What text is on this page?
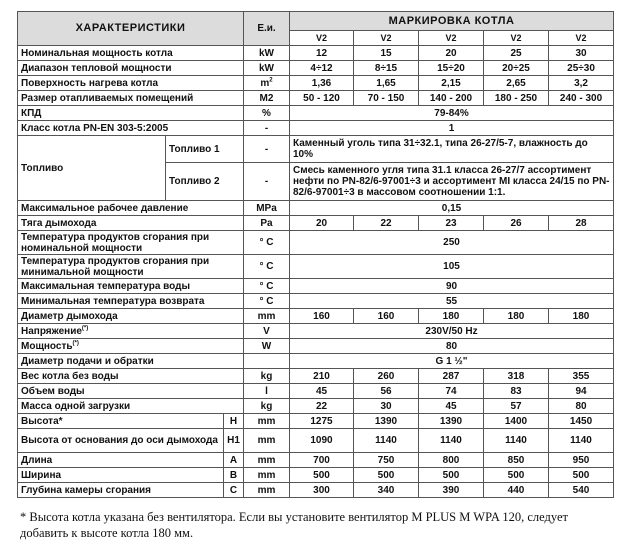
ХАРАКТЕРИСТИКИ			Е.и.	МАРКИРОВКА КОТЛА				
				V2	V2	V2	V2	V2
Номинальная мощность котла			kW	12	15	20	25	30
Диапазон тепловой мощности			kW	4÷12	8÷15	15÷20	20÷25	25÷30
Поверхность нагрева котла			$m^2$	1,36	1,65	2,15	2,65	3,2
Размер отапливаемых помещений			M2	50 - 120	70 - 150	140 - 200	180 - 250	240 - 300
КПД			%	79-84%				
Класс котла PN-EN 303-5:2005			-	1				
Топливо	Топливо 1		-	Каменный уголь типа 31÷32.1, типа 26-27/5-7, влажность до 10%				
	Топливо 2		-	Смесь каменного угля типа 31.1 класса 26-27/7 ассортимент нефти по PN-82/6-97001÷3 и ассортимент MI класса 24/15 по PN-82/6-97001÷3 в массовом соотношении 1:1.				
Максимальное рабочее давление			MPa	0,15				
Тяга дымохода			Pa	20	22	23	26	28
Температура продуктов сгорания при номинальной мощности			° C	250				
Температура продуктов сгорания при минимальной мощности			° C	105				
Максимальная температура воды			° C	90				
Минимальная температура возврата			° C	55				
Диаметр дымохода			mm	160	160	180	180	180
Напряжение(*)			V	230V/50 Hz				
Мощность(*)			W	80				
Диаметр подачи и обратки				G 1 ½"				
Вес котла без воды			kg	210	260	287	318	355
Объем воды			l	45	56	74	83	94
Масса одной загрузки			kg	22	30	45	57	80
Высота*		H	mm	1275	1390	1390	1400	1450
Высота от основания до оси дымохода		H1	mm	1090	1140	1140	1140	1140
Длина		A	mm	700	750	800	850	950
Ширина		B	mm	500	500	500	500	500
Глубина камеры сгорания		C	mm	300	340	390	440	540
* Высота котла указана без вентилятора. Если вы установите вентилятор M PLUS M WPA 120, следует добавить к высоте котла 180 мм.
